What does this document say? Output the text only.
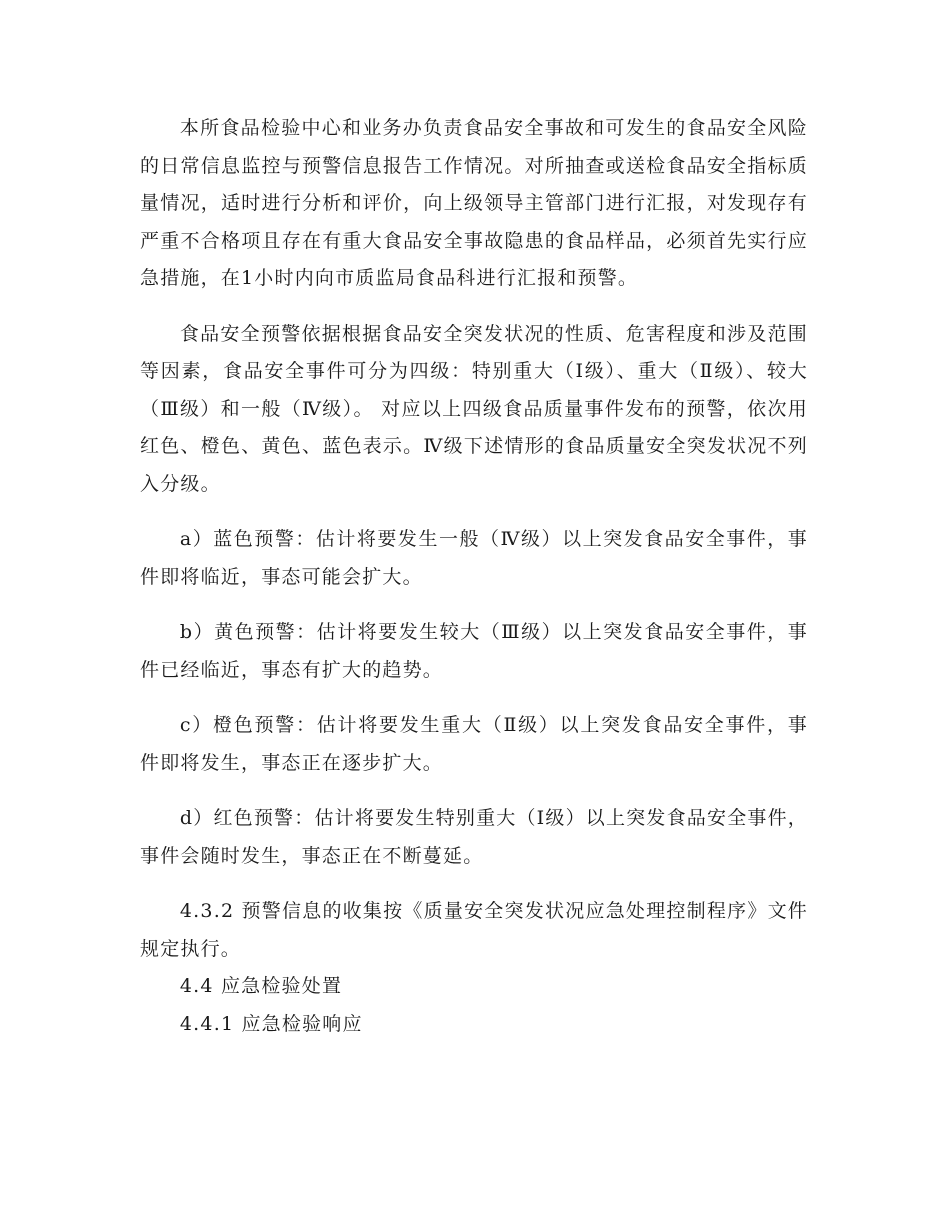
本所食品检验中心和业务办负责食品安全事故和可发生的食品安全风险的日常信息监控与预警信息报告工作情况。对所抽查或送检食品安全指标质量情况，适时进行分析和评价，向上级领导主管部门进行汇报，对发现存有严重不合格项且存在有重大食品安全事故隐患的食品样品，必须首先实行应急措施，在1小时内向市质监局食品科进行汇报和预警。

食品安全预警依据根据食品安全突发状况的性质、危害程度和涉及范围等因素，食品安全事件可分为四级：特别重大（Ⅰ级）、重大（Ⅱ级）、较大（Ⅲ级）和一般（Ⅳ级）。 对应以上四级食品质量事件发布的预警，依次用红色、橙色、黄色、蓝色表示。Ⅳ级下述情形的食品质量安全突发状况不列入分级。

a）蓝色预警：估计将要发生一般（Ⅳ级）以上突发食品安全事件，事件即将临近，事态可能会扩大。

b）黄色预警：估计将要发生较大（Ⅲ级）以上突发食品安全事件，事件已经临近，事态有扩大的趋势。

c）橙色预警：估计将要发生重大（Ⅱ级）以上突发食品安全事件，事件即将发生，事态正在逐步扩大。

d）红色预警：估计将要发生特别重大（Ⅰ级）以上突发食品安全事件，事件会随时发生，事态正在不断蔓延。

4.3.2 预警信息的收集按《质量安全突发状况应急处理控制程序》文件规定执行。

4.4 应急检验处置

4.4.1 应急检验响应
